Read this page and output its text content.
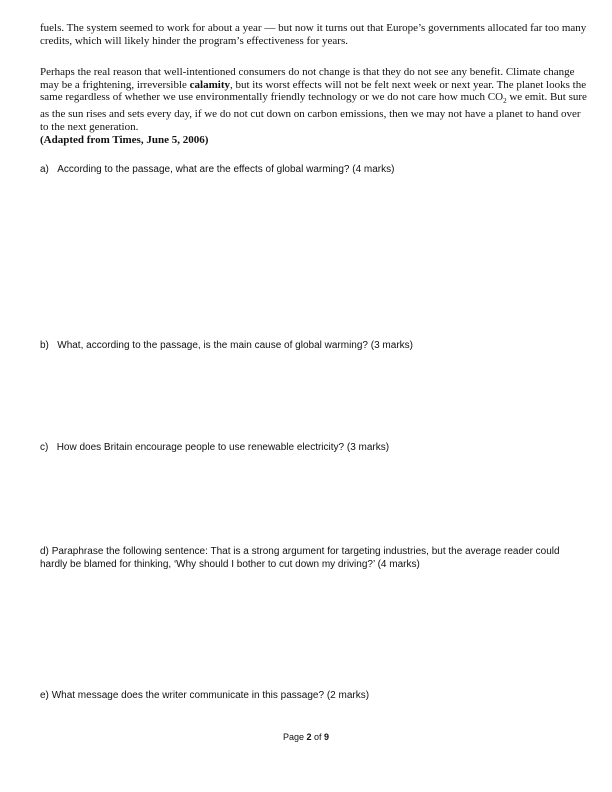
fuels. The system seemed to work for about a year — but now it turns out that Europe’s governments allocated far too many credits, which will likely hinder the program’s effectiveness for years.
Perhaps the real reason that well-intentioned consumers do not change is that they do not see any benefit. Climate change may be a frightening, irreversible calamity, but its worst effects will not be felt next week or next year. The planet looks the same regardless of whether we use environmentally friendly technology or we do not care how much $CO_2$ we emit. But sure as the sun rises and sets every day, if we do not cut down on carbon emissions, then we may not have a planet to hand over to the next generation.
(Adapted from Times, June 5, 2006)
a) According to the passage, what are the effects of global warming? (4 marks)
b) What, according to the passage, is the main cause of global warming? (3 marks)
c) How does Britain encourage people to use renewable electricity? (3 marks)
d) Paraphrase the following sentence: That is a strong argument for targeting industries, but the average reader could hardly be blamed for thinking, ‘Why should I bother to cut down my driving?’ (4 marks)
e) What message does the writer communicate in this passage? (2 marks)
Page 2 of 9
